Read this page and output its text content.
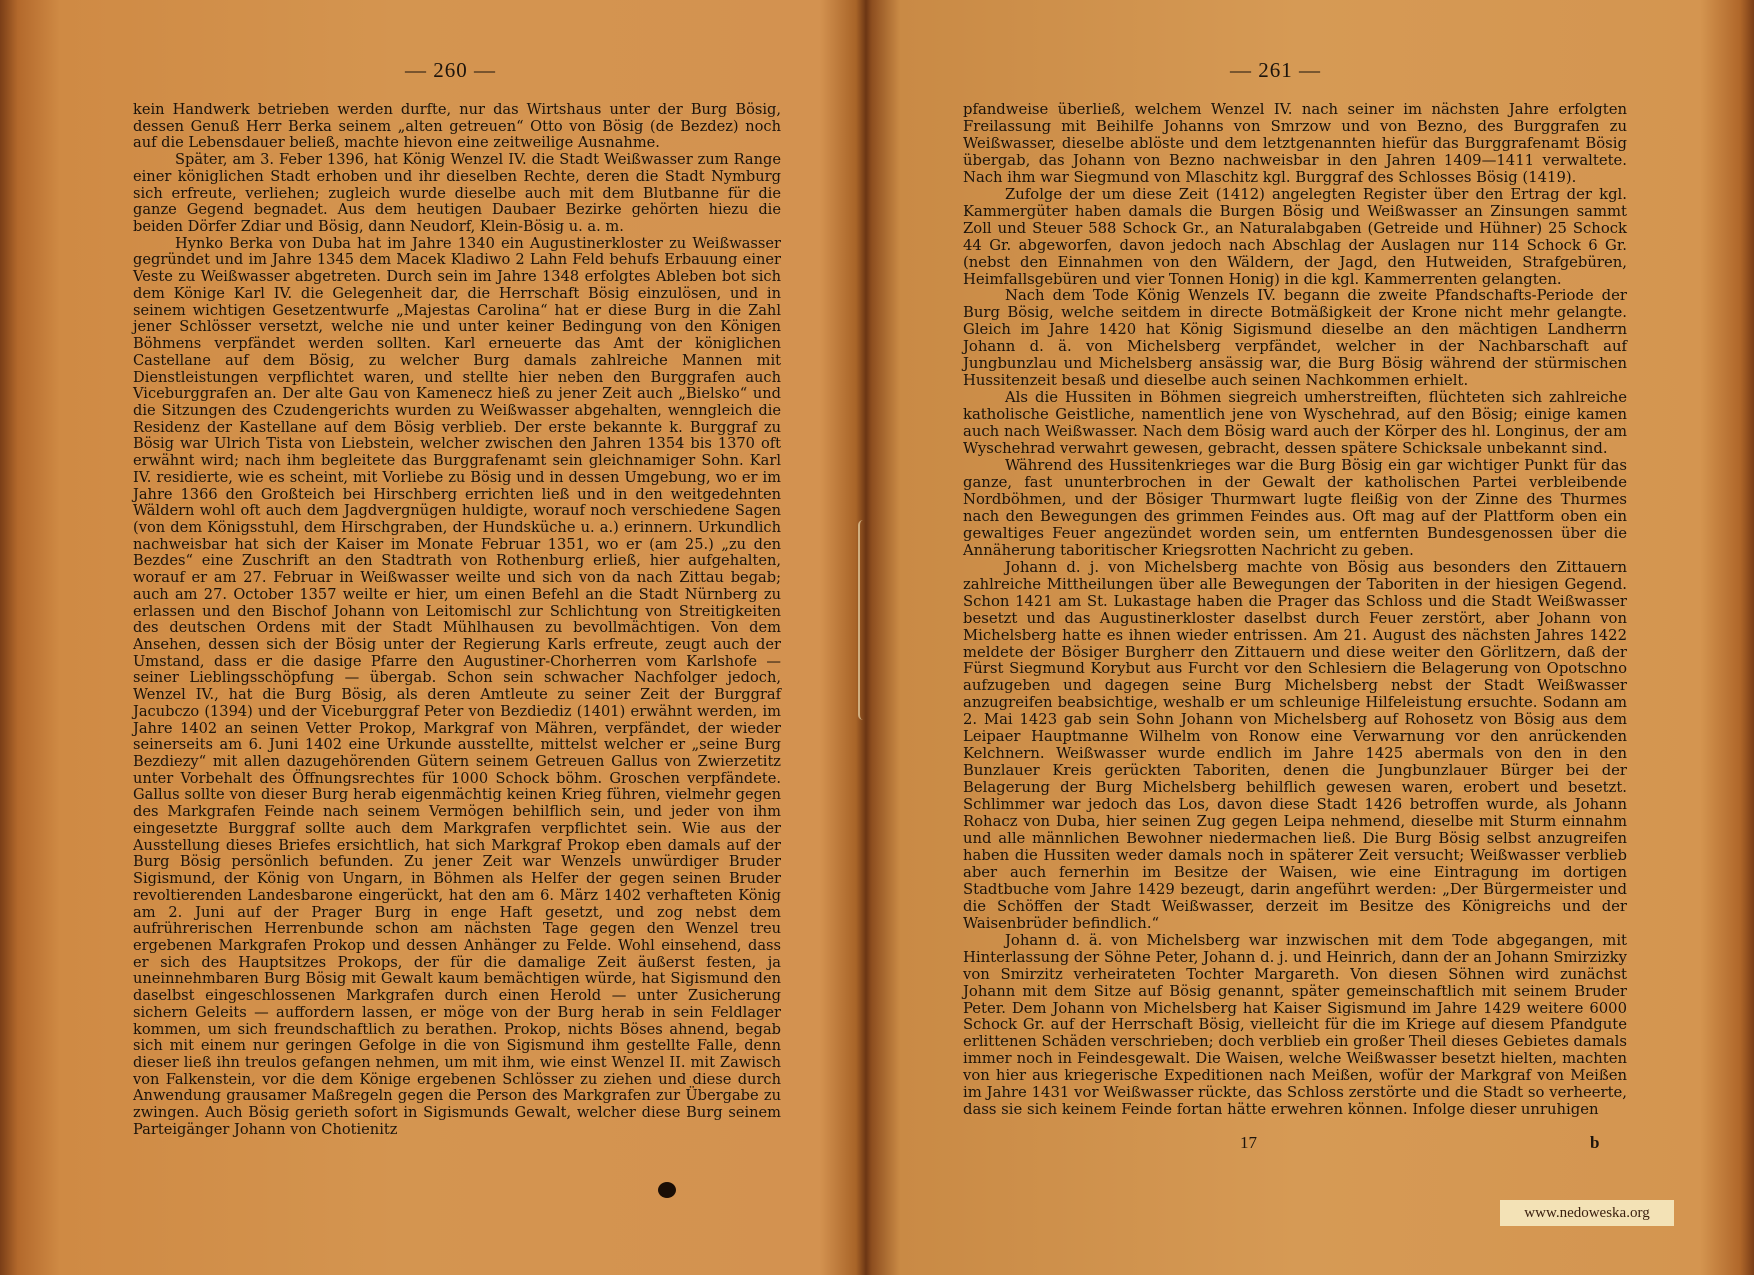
— 260 —

kein Handwerk betrieben werden durfte, nur das Wirtshaus unter der Burg Bösig, dessen Genuß Herr Berka seinem „alten getreuen“ Otto von Bösig (de Bezdez) noch auf die Lebensdauer beließ, machte hievon eine zeitweilige Ausnahme.

Später, am 3. Feber 1396, hat König Wenzel IV. die Stadt Weißwasser zum Range einer königlichen Stadt erhoben und ihr dieselben Rechte, deren die Stadt Nymburg sich erfreute, verliehen; zugleich wurde dieselbe auch mit dem Blutbanne für die ganze Gegend begnadet. Aus dem heutigen Daubaer Bezirke gehörten hiezu die beiden Dörfer Zdiar und Bösig, dann Neudorf, Klein-Bösig u. a. m.

Hynko Berka von Duba hat im Jahre 1340 ein Augustinerkloster zu Weißwasser gegründet und im Jahre 1345 dem Macek Kladiwo 2 Lahn Feld behufs Erbauung einer Veste zu Weißwasser abgetreten. Durch sein im Jahre 1348 erfolgtes Ableben bot sich dem Könige Karl IV. die Gelegenheit dar, die Herrschaft Bösig einzulösen, und in seinem wichtigen Gesetzentwurfe „Majestas Carolina“ hat er diese Burg in die Zahl jener Schlösser versetzt, welche nie und unter keiner Bedingung von den Königen Böhmens verpfändet werden sollten. Karl erneuerte das Amt der königlichen Castellane auf dem Bösig, zu welcher Burg damals zahlreiche Mannen mit Dienstleistungen verpflichtet waren, und stellte hier neben den Burggrafen auch Viceburggrafen an. Der alte Gau von Kamenecz hieß zu jener Zeit auch „Bielsko“ und die Sitzungen des Czudengerichts wurden zu Weißwasser abgehalten, wenngleich die Residenz der Kastellane auf dem Bösig verblieb. Der erste bekannte k. Burggraf zu Bösig war Ulrich Tista von Liebstein, welcher zwischen den Jahren 1354 bis 1370 oft erwähnt wird; nach ihm begleitete das Burggrafenamt sein gleichnamiger Sohn. Karl IV. residierte, wie es scheint, mit Vorliebe zu Bösig und in dessen Umgebung, wo er im Jahre 1366 den Großteich bei Hirschberg errichten ließ und in den weitgedehnten Wäldern wohl oft auch dem Jagdvergnügen huldigte, worauf noch verschiedene Sagen (von dem Königsstuhl, dem Hirschgraben, der Hundsküche u. a.) erinnern. Urkundlich nachweisbar hat sich der Kaiser im Monate Februar 1351, wo er (am 25.) „zu den Bezdes“ eine Zuschrift an den Stadtrath von Rothenburg erließ, hier aufgehalten, worauf er am 27. Februar in Weißwasser weilte und sich von da nach Zittau begab; auch am 27. October 1357 weilte er hier, um einen Befehl an die Stadt Nürnberg zu erlassen und den Bischof Johann von Leitomischl zur Schlichtung von Streitigkeiten des deutschen Ordens mit der Stadt Mühlhausen zu bevollmächtigen. Von dem Ansehen, dessen sich der Bösig unter der Regierung Karls erfreute, zeugt auch der Umstand, dass er die dasige Pfarre den Augustiner-Chorherren vom Karlshofe — seiner Lieblingsschöpfung — übergab. Schon sein schwacher Nachfolger jedoch, Wenzel IV., hat die Burg Bösig, als deren Amtleute zu seiner Zeit der Burggraf Jacubczo (1394) und der Viceburggraf Peter von Bezdiediz (1401) erwähnt werden, im Jahre 1402 an seinen Vetter Prokop, Markgraf von Mähren, verpfändet, der wieder seinerseits am 6. Juni 1402 eine Urkunde ausstellte, mittelst welcher er „seine Burg Bezdiezy“ mit allen dazugehörenden Gütern seinem Getreuen Gallus von Zwierzetitz unter Vorbehalt des Öffnungsrechtes für 1000 Schock böhm. Groschen verpfändete. Gallus sollte von dieser Burg herab eigenmächtig keinen Krieg führen, vielmehr gegen des Markgrafen Feinde nach seinem Vermögen behilflich sein, und jeder von ihm eingesetzte Burggraf sollte auch dem Markgrafen verpflichtet sein. Wie aus der Ausstellung dieses Briefes ersichtlich, hat sich Markgraf Prokop eben damals auf der Burg Bösig persönlich befunden. Zu jener Zeit war Wenzels unwürdiger Bruder Sigismund, der König von Ungarn, in Böhmen als Helfer der gegen seinen Bruder revoltierenden Landesbarone eingerückt, hat den am 6. März 1402 verhafteten König am 2. Juni auf der Prager Burg in enge Haft gesetzt, und zog nebst dem aufrührerischen Herrenbunde schon am nächsten Tage gegen den Wenzel treu ergebenen Markgrafen Prokop und dessen Anhänger zu Felde. Wohl einsehend, dass er sich des Hauptsitzes Prokops, der für die damalige Zeit äußerst festen, ja uneinnehmbaren Burg Bösig mit Gewalt kaum bemächtigen würde, hat Sigismund den daselbst eingeschlossenen Markgrafen durch einen Herold — unter Zusicherung sichern Geleits — auffordern lassen, er möge von der Burg herab in sein Feldlager kommen, um sich freundschaftlich zu berathen. Prokop, nichts Böses ahnend, begab sich mit einem nur geringen Gefolge in die von Sigismund ihm gestellte Falle, denn dieser ließ ihn treulos gefangen nehmen, um mit ihm, wie einst Wenzel II. mit Zawisch von Falkenstein, vor die dem Könige ergebenen Schlösser zu ziehen und diese durch Anwendung grausamer Maßregeln gegen die Person des Markgrafen zur Übergabe zu zwingen. Auch Bösig gerieth sofort in Sigismunds Gewalt, welcher diese Burg seinem Parteigänger Johann von Chotienitz

— 261 —

pfandweise überließ, welchem Wenzel IV. nach seiner im nächsten Jahre erfolgten Freilassung mit Beihilfe Johanns von Smrzow und von Bezno, des Burggrafen zu Weißwasser, dieselbe ablöste und dem letztgenannten hiefür das Burggrafenamt Bösig übergab, das Johann von Bezno nachweisbar in den Jahren 1409—1411 verwaltete. Nach ihm war Siegmund von Mlaschitz kgl. Burggraf des Schlosses Bösig (1419).

Zufolge der um diese Zeit (1412) angelegten Register über den Ertrag der kgl. Kammergüter haben damals die Burgen Bösig und Weißwasser an Zinsungen sammt Zoll und Steuer 588 Schock Gr., an Naturalabgaben (Getreide und Hühner) 25 Schock 44 Gr. abgeworfen, davon jedoch nach Abschlag der Auslagen nur 114 Schock 6 Gr. (nebst den Einnahmen von den Wäldern, der Jagd, den Hutweiden, Strafgebüren, Heimfallsgebüren und vier Tonnen Honig) in die kgl. Kammerrenten gelangten.

Nach dem Tode König Wenzels IV. begann die zweite Pfandschafts-Periode der Burg Bösig, welche seitdem in directe Botmäßigkeit der Krone nicht mehr gelangte. Gleich im Jahre 1420 hat König Sigismund dieselbe an den mächtigen Landherrn Johann d. ä. von Michelsberg verpfändet, welcher in der Nachbarschaft auf Jungbunzlau und Michelsberg ansässig war, die Burg Bösig während der stürmischen Hussitenzeit besaß und dieselbe auch seinen Nachkommen erhielt.

Als die Hussiten in Böhmen siegreich umherstreiften, flüchteten sich zahlreiche katholische Geistliche, namentlich jene von Wyschehrad, auf den Bösig; einige kamen auch nach Weißwasser. Nach dem Bösig ward auch der Körper des hl. Longinus, der am Wyschehrad verwahrt gewesen, gebracht, dessen spätere Schicksale unbekannt sind.

Während des Hussitenkrieges war die Burg Bösig ein gar wichtiger Punkt für das ganze, fast ununterbrochen in der Gewalt der katholischen Partei verbleibende Nordböhmen, und der Bösiger Thurmwart lugte fleißig von der Zinne des Thurmes nach den Bewegungen des grimmen Feindes aus. Oft mag auf der Plattform oben ein gewaltiges Feuer angezündet worden sein, um entfernten Bundesgenossen über die Annäherung taboritischer Kriegsrotten Nachricht zu geben.

Johann d. j. von Michelsberg machte von Bösig aus besonders den Zittauern zahlreiche Mittheilungen über alle Bewegungen der Taboriten in der hiesigen Gegend. Schon 1421 am St. Lukastage haben die Prager das Schloss und die Stadt Weißwasser besetzt und das Augustinerkloster daselbst durch Feuer zerstört, aber Johann von Michelsberg hatte es ihnen wieder entrissen. Am 21. August des nächsten Jahres 1422 meldete der Bösiger Burgherr den Zittauern und diese weiter den Görlitzern, daß der Fürst Siegmund Korybut aus Furcht vor den Schlesiern die Belagerung von Opotschno aufzugeben und dagegen seine Burg Michelsberg nebst der Stadt Weißwasser anzugreifen beabsichtige, weshalb er um schleunige Hilfeleistung ersuchte. Sodann am 2. Mai 1423 gab sein Sohn Johann von Michelsberg auf Rohosetz von Bösig aus dem Leipaer Hauptmanne Wilhelm von Ronow eine Verwarnung vor den anrückenden Kelchnern. Weißwasser wurde endlich im Jahre 1425 abermals von den in den Bunzlauer Kreis gerückten Taboriten, denen die Jungbunzlauer Bürger bei der Belagerung der Burg Michelsberg behilflich gewesen waren, erobert und besetzt. Schlimmer war jedoch das Los, davon diese Stadt 1426 betroffen wurde, als Johann Rohacz von Duba, hier seinen Zug gegen Leipa nehmend, dieselbe mit Sturm einnahm und alle männlichen Bewohner niedermachen ließ. Die Burg Bösig selbst anzugreifen haben die Hussiten weder damals noch in späterer Zeit versucht; Weißwasser verblieb aber auch fernerhin im Besitze der Waisen, wie eine Eintragung im dortigen Stadtbuche vom Jahre 1429 bezeugt, darin angeführt werden: „Der Bürgermeister und die Schöffen der Stadt Weißwasser, derzeit im Besitze des Königreichs und der Waisenbrüder befindlich.“

Johann d. ä. von Michelsberg war inzwischen mit dem Tode abgegangen, mit Hinterlassung der Söhne Peter, Johann d. j. und Heinrich, dann der an Johann Smirzizky von Smirzitz verheirateten Tochter Margareth. Von diesen Söhnen wird zunächst Johann mit dem Sitze auf Bösig genannt, später gemeinschaftlich mit seinem Bruder Peter. Dem Johann von Michelsberg hat Kaiser Sigismund im Jahre 1429 weitere 6000 Schock Gr. auf der Herrschaft Bösig, vielleicht für die im Kriege auf diesem Pfandgute erlittenen Schäden verschrieben; doch verblieb ein großer Theil dieses Gebietes damals immer noch in Feindesgewalt. Die Waisen, welche Weißwasser besetzt hielten, machten von hier aus kriegerische Expeditionen nach Meißen, wofür der Markgraf von Meißen im Jahre 1431 vor Weißwasser rückte, das Schloss zerstörte und die Stadt so verheerte, dass sie sich keinem Feinde fortan hätte erwehren können. Infolge dieser unruhigen

17	b
www.nedoweska.org
